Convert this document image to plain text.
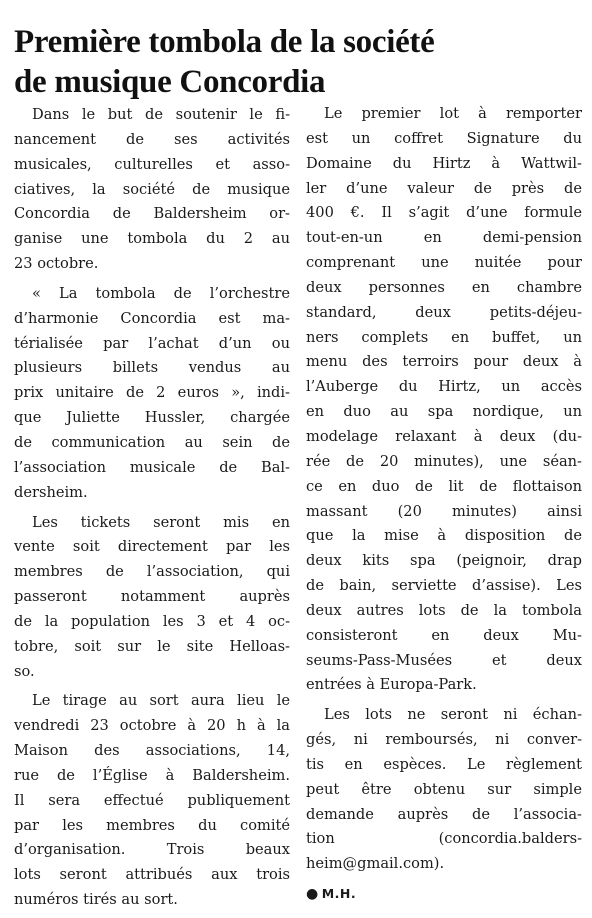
Première tombola de la société
de musique Concordia
Dans le but de soutenir le fi-
nancement de ses activités
musicales, culturelles et asso-
ciatives, la société de musique
Concordia de Baldersheim or-
ganise une tombola du 2 au
23 octobre.
« La tombola de l’orchestre
d’harmonie Concordia est ma-
térialisée par l’achat d’un ou
plusieurs billets vendus au
prix unitaire de 2 euros », indi-
que Juliette Hussler, chargée
de communication au sein de
l’association musicale de Bal-
dersheim.
Les tickets seront mis en
vente soit directement par les
membres de l’association, qui
passeront notamment auprès
de la population les 3 et 4 oc-
tobre, soit sur le site Helloas-
so.
Le tirage au sort aura lieu le
vendredi 23 octobre à 20 h à la
Maison des associations, 14,
rue de l’Église à Baldersheim.
Il sera effectué publiquement
par les membres du comité
d’organisation. Trois beaux
lots seront attribués aux trois
numéros tirés au sort.
Le premier lot à remporter
est un coffret Signature du
Domaine du Hirtz à Wattwil-
ler d’une valeur de près de
400 €. Il s’agit d’une formule
tout-en-un en demi-pension
comprenant une nuitée pour
deux personnes en chambre
standard, deux petits-déjeu-
ners complets en buffet, un
menu des terroirs pour deux à
l’Auberge du Hirtz, un accès
en duo au spa nordique, un
modelage relaxant à deux (du-
rée de 20 minutes), une séan-
ce en duo de lit de flottaison
massant (20 minutes) ainsi
que la mise à disposition de
deux kits spa (peignoir, drap
de bain, serviette d’assise). Les
deux autres lots de la tombola
consisteront en deux Mu-
seums-Pass-Musées et deux
entrées à Europa-Park.
Les lots ne seront ni échan-
gés, ni remboursés, ni conver-
tis en espèces. Le règlement
peut être obtenu sur simple
demande auprès de l’associa-
tion (concordia.balders-
heim@gmail.com).
● M.H.
